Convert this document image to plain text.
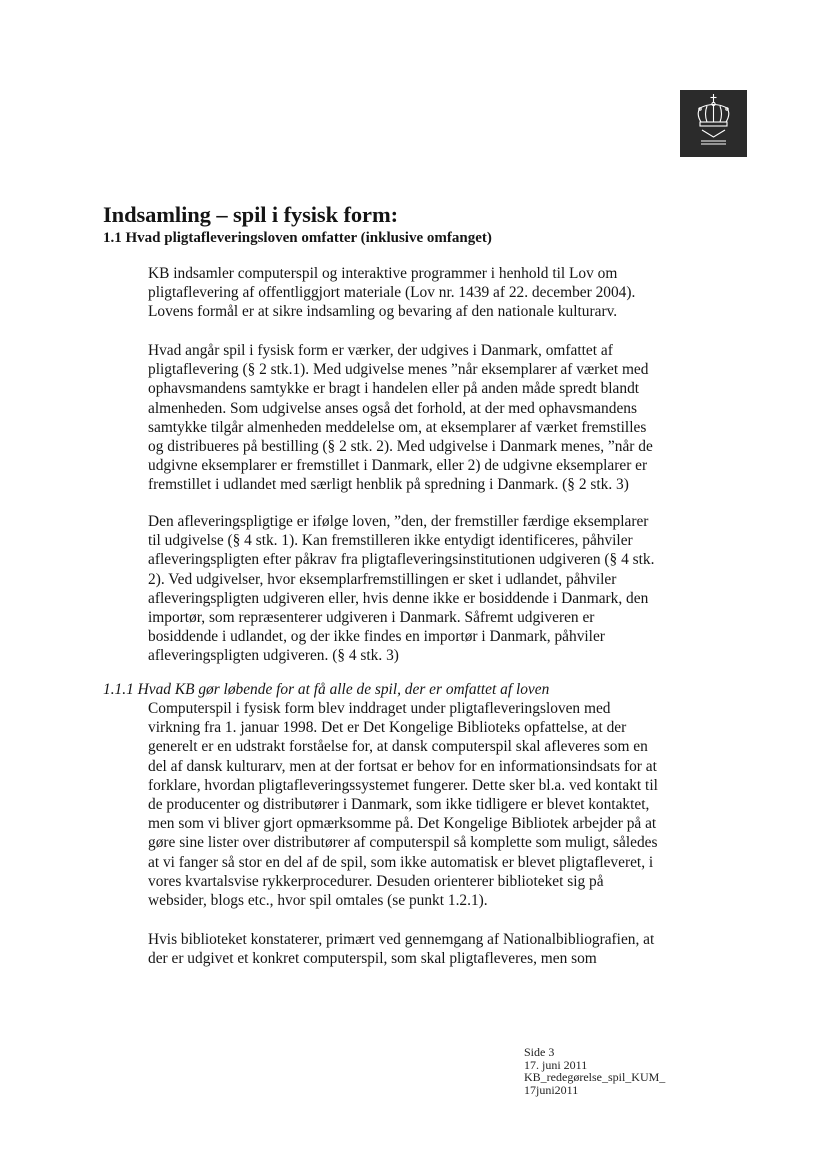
Indsamling – spil i fysisk form:
1.1 Hvad pligtafleveringsloven omfatter (inklusive omfanget)
KB indsamler computerspil og interaktive programmer i henhold til Lov om
pligtaflevering af offentliggjort materiale (Lov nr. 1439 af 22. december 2004).
Lovens formål er at sikre indsamling og bevaring af den nationale kulturarv.
Hvad angår spil i fysisk form er værker, der udgives i Danmark, omfattet af
pligtaflevering (§ 2 stk.1). Med udgivelse menes ”når eksemplarer af værket med
ophavsmandens samtykke er bragt i handelen eller på anden måde spredt blandt
almenheden. Som udgivelse anses også det forhold, at der med ophavsmandens
samtykke tilgår almenheden meddelelse om, at eksemplarer af værket fremstilles
og distribueres på bestilling (§ 2 stk. 2). Med udgivelse i Danmark menes, ”når de
udgivne eksemplarer er fremstillet i Danmark, eller 2) de udgivne eksemplarer er
fremstillet i udlandet med særligt henblik på spredning i Danmark. (§ 2 stk. 3)
Den afleveringspligtige er ifølge loven, ”den, der fremstiller færdige eksemplarer
til udgivelse (§ 4 stk. 1). Kan fremstilleren ikke entydigt identificeres, påhviler
afleveringspligten efter påkrav fra pligtafleveringsinstitutionen udgiveren (§ 4 stk.
2). Ved udgivelser, hvor eksemplarfremstillingen er sket i udlandet, påhviler
afleveringspligten udgiveren eller, hvis denne ikke er bosiddende i Danmark, den
importør, som repræsenterer udgiveren i Danmark. Såfremt udgiveren er
bosiddende i udlandet, og der ikke findes en importør i Danmark, påhviler
afleveringspligten udgiveren. (§ 4 stk. 3)
1.1.1 Hvad KB gør løbende for at få alle de spil, der er omfattet af loven
Computerspil i fysisk form blev inddraget under pligtafleveringsloven med
virkning fra 1. januar 1998. Det er Det Kongelige Biblioteks opfattelse, at der
generelt er en udstrakt forståelse for, at dansk computerspil skal afleveres som en
del af dansk kulturarv, men at der fortsat er behov for en informationsindsats for at
forklare, hvordan pligtafleveringssystemet fungerer. Dette sker bl.a. ved kontakt til
de producenter og distributører i Danmark, som ikke tidligere er blevet kontaktet,
men som vi bliver gjort opmærksomme på. Det Kongelige Bibliotek arbejder på at
gøre sine lister over distributører af computerspil så komplette som muligt, således
at vi fanger så stor en del af de spil, som ikke automatisk er blevet pligtafleveret, i
vores kvartalsvise rykkerprocedurer. Desuden orienterer biblioteket sig på
websider, blogs etc., hvor spil omtales (se punkt 1.2.1).
Hvis biblioteket konstaterer, primært ved gennemgang af Nationalbibliografien, at
der er udgivet et konkret computerspil, som skal pligtafleveres, men som
Side 3
17. juni 2011
KB_redegørelse_spil_KUM_
17juni2011
